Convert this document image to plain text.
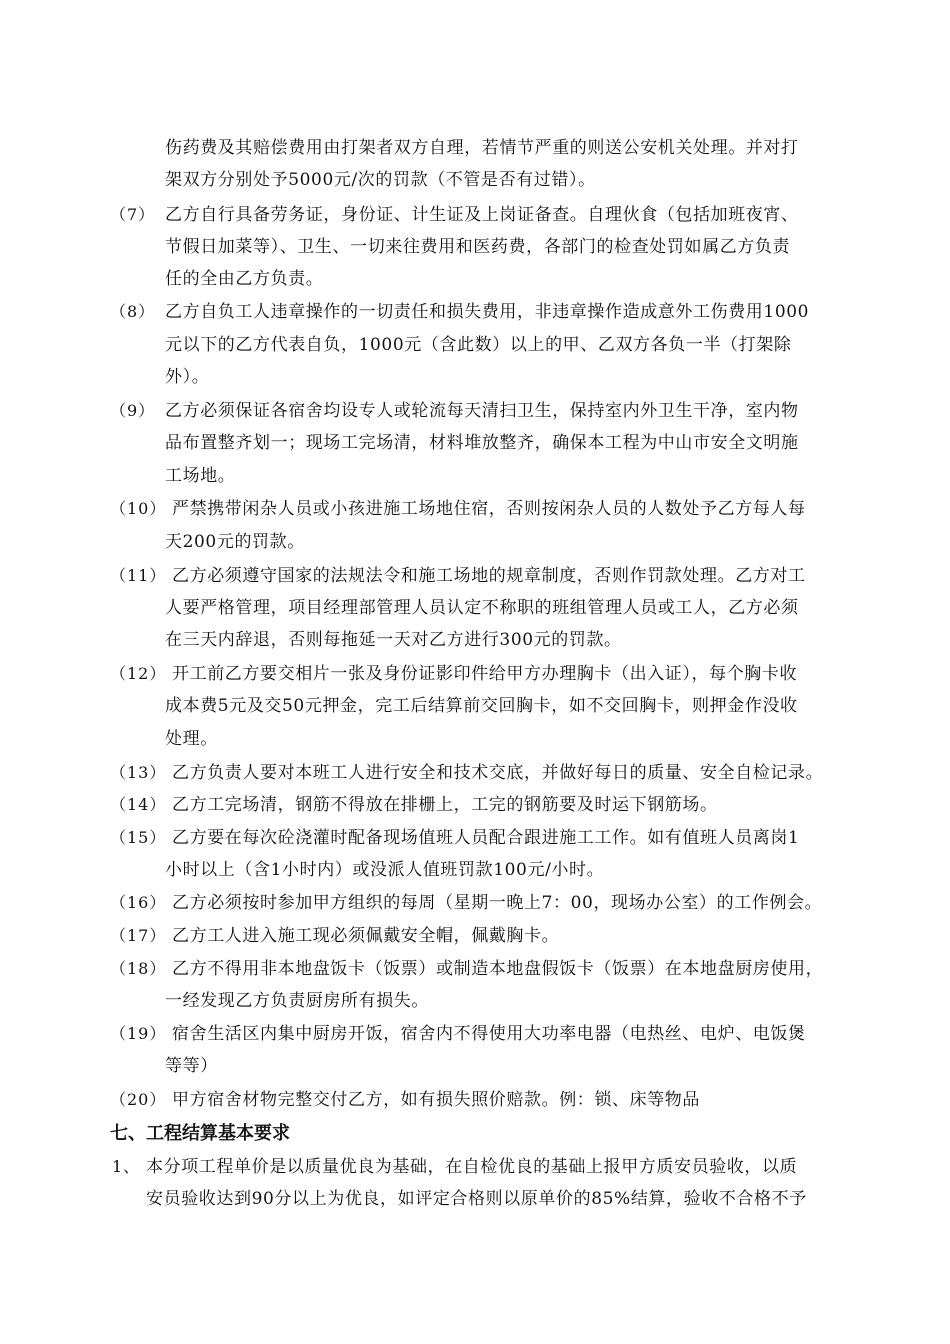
伤药费及其赔偿费用由打架者双方自理，若情节严重的则送公安机关处理。并对打
架双方分别处予5000元/次的罚款（不管是否有过错）。
（7） 乙方自行具备劳务证，身份证、计生证及上岗证备查。自理伙食（包括加班夜宵、
节假日加菜等）、卫生、一切来往费用和医药费，各部门的检查处罚如属乙方负责
任的全由乙方负责。
（8） 乙方自负工人违章操作的一切责任和损失费用，非违章操作造成意外工伤费用1000
元以下的乙方代表自负，1000元（含此数）以上的甲、乙双方各负一半（打架除
外）。
（9） 乙方必须保证各宿舍均设专人或轮流每天清扫卫生，保持室内外卫生干净，室内物
品布置整齐划一；现场工完场清，材料堆放整齐，确保本工程为中山市安全文明施
工场地。
（10） 严禁携带闲杂人员或小孩进施工场地住宿，否则按闲杂人员的人数处予乙方每人每
天200元的罚款。
（11） 乙方必须遵守国家的法规法令和施工场地的规章制度，否则作罚款处理。乙方对工
人要严格管理，项目经理部管理人员认定不称职的班组管理人员或工人，乙方必须
在三天内辞退，否则每拖延一天对乙方进行300元的罚款。
（12） 开工前乙方要交相片一张及身份证影印件给甲方办理胸卡（出入证），每个胸卡收
成本费5元及交50元押金，完工后结算前交回胸卡，如不交回胸卡，则押金作没收
处理。
（13） 乙方负责人要对本班工人进行安全和技术交底，并做好每日的质量、安全自检记录。
（14） 乙方工完场清，钢筋不得放在排栅上，工完的钢筋要及时运下钢筋场。
（15） 乙方要在每次砼浇灌时配备现场值班人员配合跟进施工工作。如有值班人员离岗1
小时以上（含1小时内）或没派人值班罚款100元/小时。
（16） 乙方必须按时参加甲方组织的每周（星期一晚上7：00，现场办公室）的工作例会。
（17） 乙方工人进入施工现必须佩戴安全帽，佩戴胸卡。
（18） 乙方不得用非本地盘饭卡（饭票）或制造本地盘假饭卡（饭票）在本地盘厨房使用，
一经发现乙方负责厨房所有损失。
（19） 宿舍生活区内集中厨房开饭，宿舍内不得使用大功率电器（电热丝、电炉、电饭煲
等等）
（20） 甲方宿舍材物完整交付乙方，如有损失照价赔款。例：锁、床等物品
七、工程结算基本要求
1、 本分项工程单价是以质量优良为基础，在自检优良的基础上报甲方质安员验收，以质
安员验收达到90分以上为优良，如评定合格则以原单价的85%结算，验收不合格不予
